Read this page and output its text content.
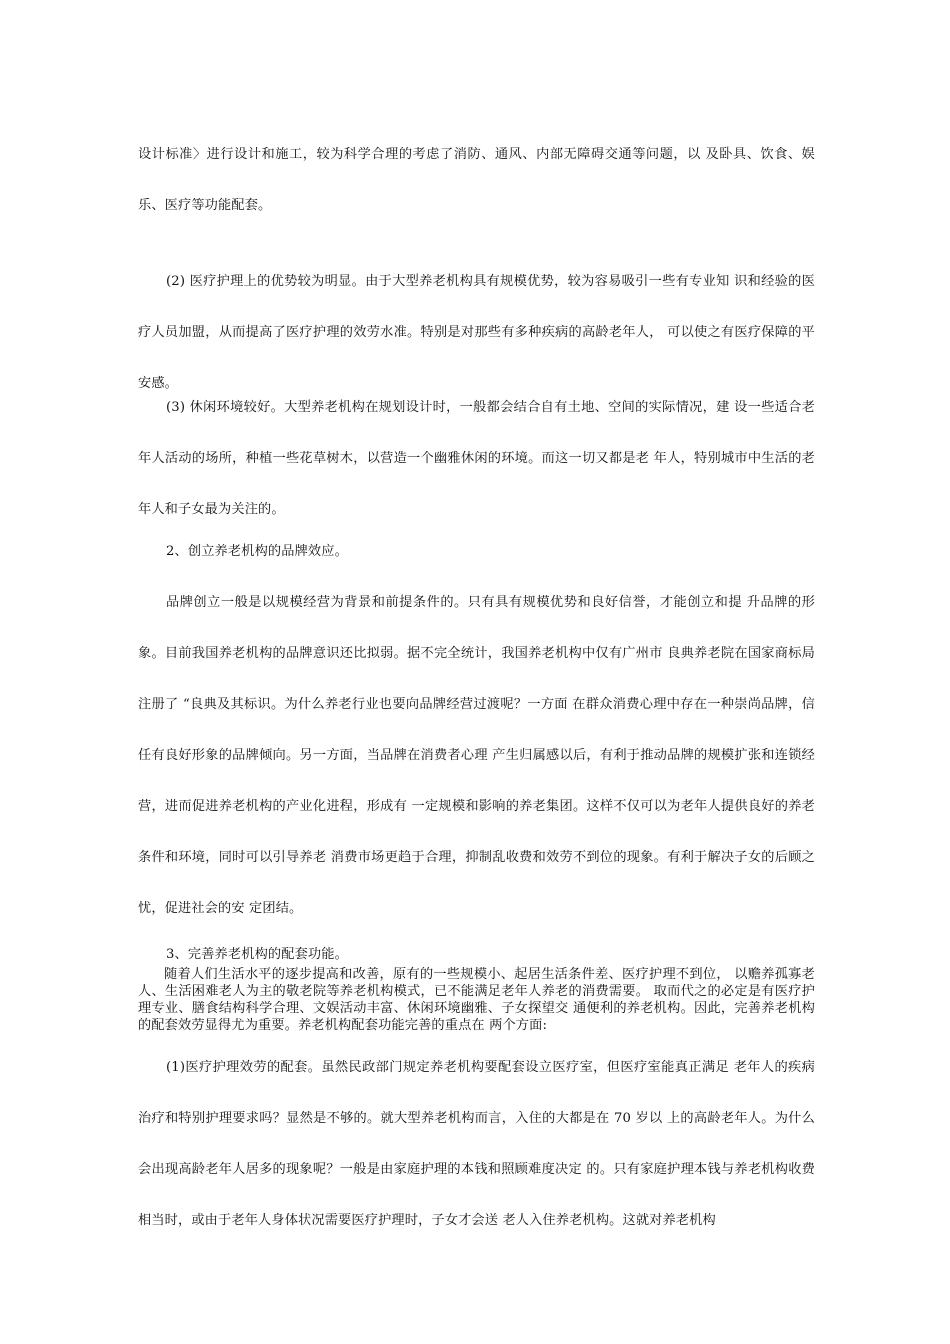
设计标准〉进行设计和施工，较为科学合理的考虑了消防、通风、内部无障碍交通等问题，以 及卧具、饮食、娱乐、医疗等功能配套。

(2) 医疗护理上的优势较为明显。由于大型养老机构具有规模优势，较为容易吸引一些有专业知 识和经验的医疗人员加盟，从而提高了医疗护理的效劳水准。特别是对那些有多种疾病的高龄老年人， 可以使之有医疗保障的平安感。

(3) 休闲环境较好。大型养老机构在规划设计时，一般都会结合自有土地、空间的实际情况，建 设一些适合老年人活动的场所，种植一些花草树木，以营造一个幽雅休闲的环境。而这一切又都是老 年人，特别城市中生活的老年人和子女最为关注的。

2、创立养老机构的品牌效应。

品牌创立一般是以规模经营为背景和前提条件的。只有具有规模优势和良好信誉，才能创立和提 升品牌的形象。目前我国养老机构的品牌意识还比拟弱。据不完全统计，我国养老机构中仅有广州市 良典养老院在国家商标局注册了 “良典及其标识。为什么养老行业也要向品牌经营过渡呢？一方面 在群众消费心理中存在一种崇尚品牌，信任有良好形象的品牌倾向。另一方面，当品牌在消费者心理 产生归属感以后，有利于推动品牌的规模扩张和连锁经营，进而促进养老机构的产业化进程，形成有 一定规模和影响的养老集团。这样不仅可以为老年人提供良好的养老条件和环境，同时可以引导养老 消费市场更趋于合理，抑制乱收费和效劳不到位的现象。有利于解决子女的后顾之忧，促进社会的安 定团结。

3、完善养老机构的配套功能。

随着人们生活水平的逐步提高和改善，原有的一些规模小、起居生活条件差、医疗护理不到位， 以赡养孤寡老人、生活困难老人为主的敬老院等养老机构模式，已不能满足老年人养老的消费需要。 取而代之的必定是有医疗护理专业、膳食结构科学合理、文娱活动丰富、休闲环境幽雅、子女探望交 通便利的养老机构。因此，完善养老机构的配套效劳显得尤为重要。养老机构配套功能完善的重点在 两个方面:

(1)医疗护理效劳的配套。虽然民政部门规定养老机构要配套设立医疗室，但医疗室能真正满足 老年人的疾病治疗和特别护理要求吗？显然是不够的。就大型养老机构而言，入住的大都是在 70 岁以 上的高龄老年人。为什么会出现高龄老年人居多的现象呢？一般是由家庭护理的本钱和照顾难度决定 的。只有家庭护理本钱与养老机构收费相当时，或由于老年人身体状况需要医疗护理时，子女才会送 老人入住养老机构。这就对养老机构
